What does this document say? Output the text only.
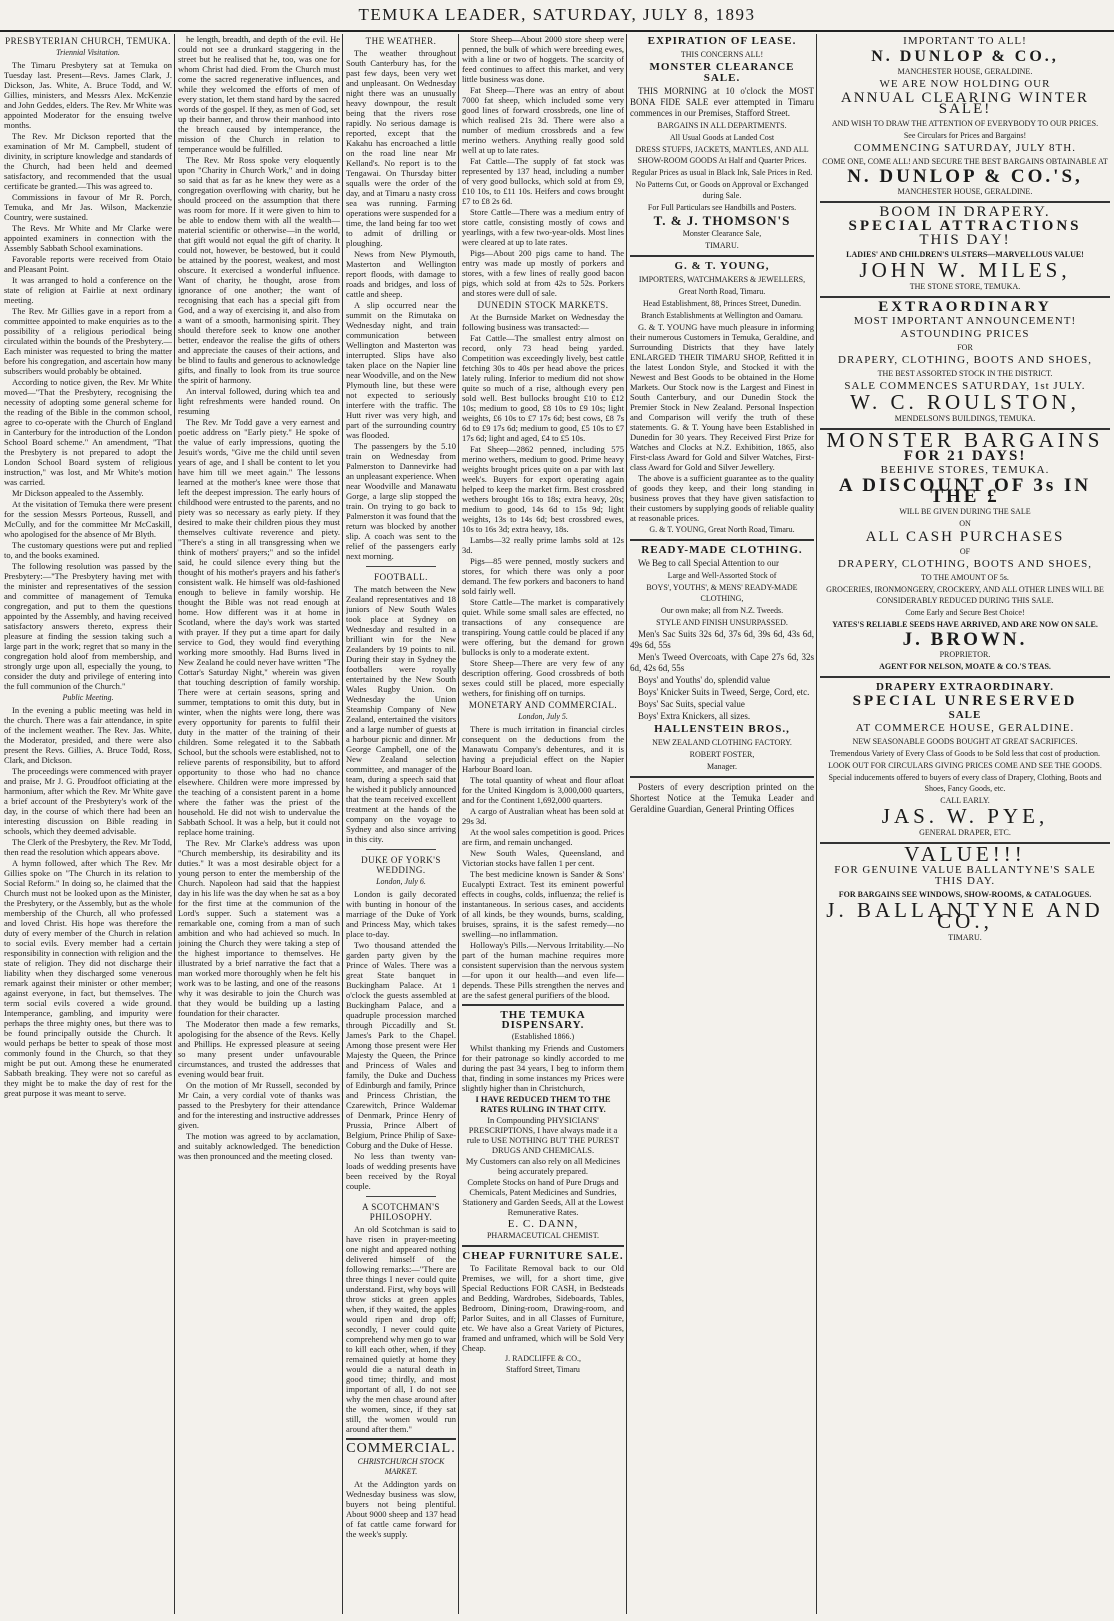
TEMUKA LEADER, SATURDAY, JULY 8, 1893
PRESBYTERIAN CHURCH, TEMUKA.
Triennial Visitation.

The Timaru Presbytery sat at Temuka on Tuesday last. Present—Revs. James Clark, J. Dickson, Jas. White, A. Bruce Todd, and W. Gillies, ministers, and Messrs Alex. McKenzie and John Geddes, elders. The Rev. Mr White was appointed Moderator for the ensuing twelve months.

The Rev. Mr Dickson reported that the examination of Mr M. Campbell, student of divinity, in scripture knowledge and standards of the Church, had been held and deemed satisfactory, and recommended that the usual certificate be granted.—This was agreed to.

Commissions in favour of Mr R. Porch, Temuka, and Mr Jas. Wilson, Mackenzie Country, were sustained.

The Revs. Mr White and Mr Clarke were appointed examiners in connection with the Assembly Sabbath School examinations.

Favorable reports were received from Otaio and Pleasant Point.

It was arranged to hold a conference on the state of religion at Fairlie at next ordinary meeting.

The Rev. Mr Gillies gave in a report from a committee appointed to make enquiries as to the possibility of a religious periodical being circulated within the bounds of the Presbytery.—Each minister was requested to bring the matter before his congregation, and ascertain how many subscribers would probably be obtained.

According to notice given, the Rev. Mr White moved—"That the Presbytery, recognising the necessity of adopting some general scheme for the reading of the Bible in the common school, agree to co-operate with the Church of England in Canterbury for the introduction of the London School Board scheme." An amendment, "That the Presbytery is not prepared to adopt the London School Board system of religious instruction," was lost, and Mr White's motion was carried.

Mr Dickson appealed to the Assembly.

At the visitation of Temuka there were present for the session Messrs Porteous, Russell, and McCully, and for the committee Mr McCaskill, who apologised for the absence of Mr Blyth.

The customary questions were put and replied to, and the books examined.

The following resolution was passed by the Presbytery:—"The Presbytery having met with the minister and representatives of the session and committee of management of Temuka congregation, and put to them the questions appointed by the Assembly, and having received satisfactory answers thereto, express their pleasure at finding the session taking such a large part in the work; regret that so many in the congregation hold aloof from membership, and strongly urge upon all, especially the young, to consider the duty and privilege of entering into the full communion of the Church."

Public Meeting.

In the evening a public meeting was held in the church. There was a fair attendance, in spite of the inclement weather. The Rev. Jas. White, the Moderator, presided, and there were also present the Revs. Gillies, A. Bruce Todd, Ross, Clark, and Dickson.

The proceedings were commenced with prayer and praise, Mr J. G. Proudfoot officiating at the harmonium, after which the Rev. Mr White gave a brief account of the Presbytery's work of the day, in the course of which there had been an interesting discussion on Bible reading in schools, which they deemed advisable.

The Clerk of the Presbytery, the Rev. Mr Todd, then read the resolution which appears above.

A hymn followed, after which The Rev. Mr Gillies spoke on "The Church in its relation to Social Reform." In doing so, he claimed that the Church must not be looked upon as the Minister, the Presbytery, or the Assembly, but as the whole membership of the Church, all who professed and loved Christ. His hope was therefore the duty of every member of the Church in relation to social evils. Every member had a certain responsibility in connection with religion and the state of religion. They did not discharge their liability when they discharged some venerous remark against their minister or other member; against everyone, in fact, but themselves. The term social evils covered a wide ground. Intemperance, gambling, and impurity were perhaps the three mighty ones, but there was to be found principally outside the Church. It would perhaps be better to speak of those most commonly found in the Church, so that they might be put out. Among these he enumerated Sabbath breaking. They were not so careful as they might be to make the day of rest for the great purpose it was meant to serve.

he length, breadth, and depth of the evil. He could not see a drunkard staggering in the street but he realised that he, too, was one for whom Christ had died. From the Church must come the sacred regenerative influences, and while they welcomed the efforts of men of every station, let them stand hard by the sacred words of the gospel. If they, as men of God, set up their banner, and throw their manhood into the breach caused by intemperance, the mission of the Church in relation to temperance would be fulfilled.

The Rev. Mr Ross spoke very eloquently upon "Charity in Church Work," and in doing so said that as far as he knew they were as a congregation overflowing with charity, but he should proceed on the assumption that there was room for more. If it were given to him to be able to endow them with all the wealth—material scientific or otherwise—in the world, that gift would not equal the gift of charity. It could not, however, be bestowed, but it could be attained by the poorest, weakest, and most obscure. It exercised a wonderful influence. Want of charity, he thought, arose from ignorance of one another; the want of recognising that each has a special gift from God, and a way of exercising it, and also from a want of a smooth, harmonising spirit. They should therefore seek to know one another better, endeavor the realise the gifts of others and appreciate the causes of their actions, and be blind to faults and generous to acknowledge gifts, and finally to look from its true source the spirit of harmony.

An interval followed, during which tea and light refreshments were handed round. On resuming

The Rev. Mr Todd gave a very earnest and poetic address on "Early piety." He spoke of the value of early impressions, quoting the Jesuit's words, "Give me the child until seven years of age, and I shall be content to let you have him till we meet again." The lessons learned at the mother's knee were those that left the deepest impression. The early hours of childhood were entrusted to the parents, and no piety was so necessary as early piety. If they desired to make their children pious they must themselves cultivate reverence and piety. "There's a sting in all transgressing when we think of mothers' prayers;" and so the infidel said, he could silence every thing but the thought of his mother's prayers and his father's consistent walk. He himself was old-fashioned enough to believe in family worship. He thought the Bible was not read enough at home. How different was it at home in Scotland, where the day's work was started with prayer. If they put a time apart for daily service to God, they would find everything working more smoothly. Had Burns lived in New Zealand he could never have written "The Cottar's Saturday Night," wherein was given that touching description of family worship. There were at certain seasons, spring and summer, temptations to omit this duty, but in winter, when the nights were long, there was every opportunity for parents to fulfil their duty in the matter of the training of their children. Some relegated it to the Sabbath School, but the schools were established, not to relieve parents of responsibility, but to afford opportunity to those who had no chance elsewhere. Children were more impressed by the teaching of a consistent parent in a home where the father was the priest of the household. He did not wish to undervalue the Sabbath School. It was a help, but it could not replace home training.

The Rev. Mr Clarke's address was upon "Church membership, its desirability and its duties." It was a most desirable object for a young person to enter the membership of the Church. Napoleon had said that the happiest day in his life was the day when he sat as a boy for the first time at the communion of the Lord's supper. Such a statement was a remarkable one, coming from a man of such ambition and who had achieved so much. In joining the Church they were taking a step of the highest importance to themselves. He illustrated by a brief narrative the fact that a man worked more thoroughly when he felt his work was to be lasting, and one of the reasons why it was desirable to join the Church was that they would be building up a lasting foundation for their character.

The Moderator then made a few remarks, apologising for the absence of the Revs. Kelly and Phillips. He expressed pleasure at seeing so many present under unfavourable circumstances, and trusted the addresses that evening would bear fruit.

On the motion of Mr Russell, seconded by Mr Cain, a very cordial vote of thanks was passed to the Presbytery for their attendance and for the interesting and instructive addresses given.

The motion was agreed to by acclamation, and suitably acknowledged. The benediction was then pronounced and the meeting closed.

THE WEATHER.

The weather throughout South Canterbury has, for the past few days, been very wet and unpleasant. On Wednesday night there was an unusually heavy downpour, the result being that the rivers rose rapidly. No serious damage is reported, except that the Kakahu has encroached a little on the road line near Mr Kelland's. No report is to the Tengawai. On Thursday bitter squalls were the order of the day, and at Timaru a nasty cross sea was running. Farming operations were suspended for a time, the land being far too wet to admit of drilling or ploughing.

News from New Plymouth, Masterton and Wellington report floods, with damage to roads and bridges, and loss of cattle and sheep.

A slip occurred near the summit on the Rimutaka on Wednesday night, and train communication between Wellington and Masterton was interrupted. Slips have also taken place on the Napier line near Woodville, and on the New Plymouth line, but these were not expected to seriously interfere with the traffic. The Hutt river was very high, and part of the surrounding country was flooded.

The passengers by the 5.10 train on Wednesday from Palmerston to Dannevirke had an unpleasant experience. When near Woodville and Manawatu Gorge, a large slip stopped the train. On trying to go back to Palmerston it was found that the return was blocked by another slip. A coach was sent to the relief of the passengers early next morning.

FOOTBALL.

The match between the New Zealand representatives and 18 juniors of New South Wales took place at Sydney on Wednesday and resulted in a brilliant win for the New Zealanders by 19 points to nil. During their stay in Sydney the footballers were royally entertained by the New South Wales Rugby Union. On Wednesday the Union Steamship Company of New Zealand, entertained the visitors and a large number of guests at a harbour picnic and dinner. Mr George Campbell, one of the New Zealand selection committee, and manager of the team, during a speech said that he wished it publicly announced that the team received excellent treatment at the hands of the company on the voyage to Sydney and also since arriving in this city.

DUKE OF YORK'S WEDDING.
London, July 6.

London is gaily decorated with bunting in honour of the marriage of the Duke of York and Princess May, which takes place to-day.

Two thousand attended the garden party given by the Prince of Wales. There was a great State banquet in Buckingham Palace. At 1 o'clock the guests assembled at Buckingham Palace, and a quadruple procession marched through Piccadilly and St. James's Park to the Chapel. Among those present were Her Majesty the Queen, the Prince and Princess of Wales and family, the Duke and Duchess of Edinburgh and family, Prince and Princess Christian, the Czarewitch, Prince Waldemar of Denmark, Prince Henry of Prussia, Prince Albert of Belgium, Prince Philip of Saxe-Coburg and the Duke of Hesse.

No less than twenty van-loads of wedding presents have been received by the Royal couple.

A SCOTCHMAN'S PHILOSOPHY.

An old Scotchman is said to have risen in prayer-meeting one night and appeared nothing delivered himself of the following remarks:—"There are three things I never could quite understand. First, why boys will throw sticks at green apples when, if they waited, the apples would ripen and drop off; secondly, I never could quite comprehend why men go to war to kill each other, when, if they remained quietly at home they would die a natural death in good time; thirdly, and most important of all, I do not see why the men chase around after the women, since, if they sat still, the women would run around after them."

COMMERCIAL.
CHRISTCHURCH STOCK MARKET.

At the Addington yards on Wednesday business was slow, buyers not being plentiful. About 9000 sheep and 137 head of fat cattle came forward for the week's supply.

Store Sheep—About 2000 store sheep were penned, the bulk of which were breeding ewes, with a line or two of hoggets. The scarcity of feed continues to affect this market, and very little business was done.

Fat Sheep—There was an entry of about 7000 fat sheep, which included some very good lines of forward crossbreds, one line of which realised 21s 3d. There were also a number of medium crossbreds and a few merino wethers. Anything really good sold well at up to late rates.

Fat Cattle—The supply of fat stock was represented by 137 head, including a number of very good bullocks, which sold at from £9, £10 10s, to £11 10s. Heifers and cows brought £7 to £8 2s 6d.

Store Cattle—There was a medium entry of store cattle, consisting mostly of cows and yearlings, with a few two-year-olds. Most lines were cleared at up to late rates.

Pigs—About 200 pigs came to hand. The entry was made up mostly of porkers and stores, with a few lines of really good bacon pigs, which sold at from 42s to 52s. Porkers and stores were dull of sale.

DUNEDIN STOCK MARKETS.

At the Burnside Market on Wednesday the following business was transacted:—

Fat Cattle—The smallest entry almost on record, only 73 head being yarded. Competition was exceedingly lively, best cattle fetching 30s to 40s per head above the prices lately ruling. Inferior to medium did not show quite so much of a rise, although every pen sold well. Best bullocks brought £10 to £12 10s; medium to good, £8 10s to £9 10s; light weights, £6 10s to £7 17s 6d; best cows, £8 7s 6d to £9 17s 6d; medium to good, £5 10s to £7 17s 6d; light and aged, £4 to £5 10s.

Fat Sheep—2862 penned, including 575 merino wethers, medium to good. Prime heavy weights brought prices quite on a par with last week's. Buyers for export operating again helped to keep the market firm. Best crossbred wethers brought 16s to 18s; extra heavy, 20s; medium to good, 14s 6d to 15s 9d; light weights, 13s to 14s 6d; best crossbred ewes, 10s to 16s 3d; extra heavy, 18s.

Lambs—32 really prime lambs sold at 12s 3d.

Pigs—85 were penned, mostly suckers and stores, for which there was only a poor demand. The few porkers and baconers to hand sold fairly well.

Store Cattle—The market is comparatively quiet. While some small sales are effected, no transactions of any consequence are transpiring. Young cattle could be placed if any were offering, but the demand for grown bullocks is only to a moderate extent.

Store Sheep—There are very few of any description offering. Good crossbreds of both sexes could still be placed, more especially wethers, for finishing off on turnips.

MONETARY AND COMMERCIAL.
London, July 5.

There is much irritation in financial circles consequent on the deductions from the Manawatu Company's debentures, and it is having a prejudicial effect on the Napier Harbour Board loan.

The total quantity of wheat and flour afloat for the United Kingdom is 3,000,000 quarters, and for the Continent 1,692,000 quarters.

A cargo of Australian wheat has been sold at 29s 3d.

At the wool sales competition is good. Prices are firm, and remain unchanged.

New South Wales, Queensland, and Victorian stocks have fallen 1 per cent.

The best medicine known is Sander & Sons' Eucalypti Extract. Test its eminent powerful effects in coughs, colds, influenza; the relief is instantaneous. In serious cases, and accidents of all kinds, be they wounds, burns, scalding, bruises, sprains, it is the safest remedy—no swelling—no inflammation.

Holloway's Pills.—Nervous Irritability.—No part of the human machine requires more consistent supervision than the nervous system—for upon it our health—and even life—depends. These Pills strengthen the nerves and are the safest general purifiers of the blood.

THE TEMUKA DISPENSARY.
(Established 1866.)

Whilst thanking my Friends and Customers for their patronage so kindly accorded to me during the past 34 years, I beg to inform them that, finding in some instances my Prices were slightly higher than in Christchurch,

I HAVE REDUCED THEM TO THE RATES RULING IN THAT CITY.

In Compounding PHYSICIANS' PRESCRIPTIONS, I have always made it a rule to USE NOTHING BUT THE PUREST DRUGS AND CHEMICALS.

My Customers can also rely on all Medicines being accurately prepared.

Complete Stocks on hand of Pure Drugs and Chemicals, Patent Medicines and Sundries, Stationery and Garden Seeds, All at the Lowest Remunerative Rates.

E. C. DANN,
PHARMACEUTICAL CHEMIST.
CHEAP FURNITURE SALE.

To Facilitate Removal back to our Old Premises, we will, for a short time, give Special Reductions FOR CASH, in Bedsteads and Bedding, Wardrobes, Sideboards, Tables, Bedroom, Dining-room, Drawing-room, and Parlor Suites, and in all Classes of Furniture, etc. We have also a Great Variety of Pictures, framed and unframed, which will be Sold Very Cheap.

J. RADCLIFFE & CO.,
Stafford Street, Timaru
EXPIRATION OF LEASE.
THIS CONCERNS ALL!
MONSTER CLEARANCE SALE.

THIS MORNING at 10 o'clock the MOST BONA FIDE SALE ever attempted in Timaru commences in our Premises, Stafford Street.

BARGAINS IN ALL DEPARTMENTS.
All Usual Goods at Landed Cost
DRESS STUFFS, JACKETS, MANTLES, AND ALL SHOW-ROOM GOODS At Half and Quarter Prices.
Regular Prices as usual in Black Ink, Sale Prices in Red.
No Patterns Cut, or Goods on Approval or Exchanged during Sale.
For Full Particulars see Handbills and Posters.
T. & J. THOMSON'S
Monster Clearance Sale,
TIMARU.
G. & T. YOUNG,
IMPORTERS, WATCHMAKERS & JEWELLERS,
Great North Road, Timaru.
Head Establishment, 88, Princes Street, Dunedin.
Branch Establishments at Wellington and Oamaru.

G. & T. YOUNG have much pleasure in informing their numerous Customers in Temuka, Geraldine, and Surrounding Districts that they have lately ENLARGED THEIR TIMARU SHOP, Refitted it in the latest London Style, and Stocked it with the Newest and Best Goods to be obtained in the Home Markets. Our Stock now is the Largest and Finest in South Canterbury, and our Dunedin Stock the Premier Stock in New Zealand. Personal Inspection and Comparison will verify the truth of these statements. G. & T. Young have been Established in Dunedin for 30 years. They Received First Prize for Watches and Clocks at N.Z. Exhibition, 1865, also First-class Award for Gold and Silver Watches, First-class Award for Gold and Silver Jewellery.

The above is a sufficient guarantee as to the quality of goods they keep, and their long standing in business proves that they have given satisfaction to their customers by supplying goods of reliable quality at reasonable prices.

G. & T. YOUNG, Great North Road, Timaru.
READY-MADE CLOTHING.

We Beg to call Special Attention to our

Large and Well-Assorted Stock of
BOYS', YOUTHS', & MENS' READY-MADE CLOTHING,
Our own make; all from N.Z. Tweeds.
STYLE AND FINISH UNSURPASSED.

Men's Sac Suits 32s 6d, 37s 6d, 39s 6d, 43s 6d, 49s 6d, 55s

Men's Tweed Overcoats, with Cape 27s 6d, 32s 6d, 42s 6d, 55s

Boys' and Youths' do, splendid value

Boys' Knicker Suits in Tweed, Serge, Cord, etc.

Boys' Sac Suits, special value

Boys' Extra Knickers, all sizes.

HALLENSTEIN BROS.,
NEW ZEALAND CLOTHING FACTORY.
ROBERT FOSTER,
Manager.

Posters of every description printed on the Shortest Notice at the Temuka Leader and Geraldine Guardian, General Printing Offices

IMPORTANT TO ALL!
N. DUNLOP & CO.,
MANCHESTER HOUSE, GERALDINE.
WE ARE NOW HOLDING OUR
ANNUAL CLEARING WINTER SALE!
AND WISH TO DRAW THE ATTENTION OF EVERYBODY TO OUR PRICES.
See Circulars for Prices and Bargains!
COMMENCING SATURDAY, JULY 8TH.
COME ONE, COME ALL! AND SECURE THE BEST BARGAINS OBTAINABLE AT
N. DUNLOP & CO.'S,
MANCHESTER HOUSE, GERALDINE.
BOOM IN DRAPERY.
SPECIAL ATTRACTIONS
THIS DAY!
LADIES' AND CHILDREN'S ULSTERS—MARVELLOUS VALUE!
JOHN W. MILES,
THE STONE STORE, TEMUKA.
EXTRAORDINARY
MOST IMPORTANT ANNOUNCEMENT!
ASTOUNDING PRICES
FOR
DRAPERY, CLOTHING, BOOTS AND SHOES,
THE BEST ASSORTED STOCK IN THE DISTRICT.
SALE COMMENCES SATURDAY, 1st JULY.
W. C. ROULSTON,
MENDELSON'S BUILDINGS, TEMUKA.
MONSTER BARGAINS
FOR 21 DAYS!
BEEHIVE STORES, TEMUKA.
A DISCOUNT OF 3s IN THE £
WILL BE GIVEN DURING THE SALE
ON
ALL CASH PURCHASES
OF
DRAPERY, CLOTHING, BOOTS AND SHOES,
TO THE AMOUNT OF 5s.
GROCERIES, IRONMONGERY, CROCKERY, AND ALL OTHER LINES WILL BE CONSIDERABLY REDUCED DURING THIS SALE.
Come Early and Secure Best Choice!
YATES'S RELIABLE SEEDS HAVE ARRIVED, AND ARE NOW ON SALE.
J. BROWN.
PROPRIETOR.
AGENT FOR NELSON, MOATE & CO.'S TEAS.
DRAPERY EXTRAORDINARY.
SPECIAL UNRESERVED
SALE
AT COMMERCE HOUSE, GERALDINE.
NEW SEASONABLE GOODS BOUGHT AT GREAT SACRIFICES.
Tremendous Variety of Every Class of Goods to be Sold less that cost of production.
LOOK OUT FOR CIRCULARS GIVING PRICES COME AND SEE THE GOODS.
Special inducements offered to buyers of every class of Drapery, Clothing, Boots and Shoes, Fancy Goods, etc.
CALL EARLY.
JAS. W. PYE,
GENERAL DRAPER, ETC.
VALUE!!!
FOR GENUINE VALUE BALLANTYNE'S SALE THIS DAY.
FOR BARGAINS SEE WINDOWS, SHOW-ROOMS, & CATALOGUES.
J. BALLANTYNE AND CO.,
TIMARU.
